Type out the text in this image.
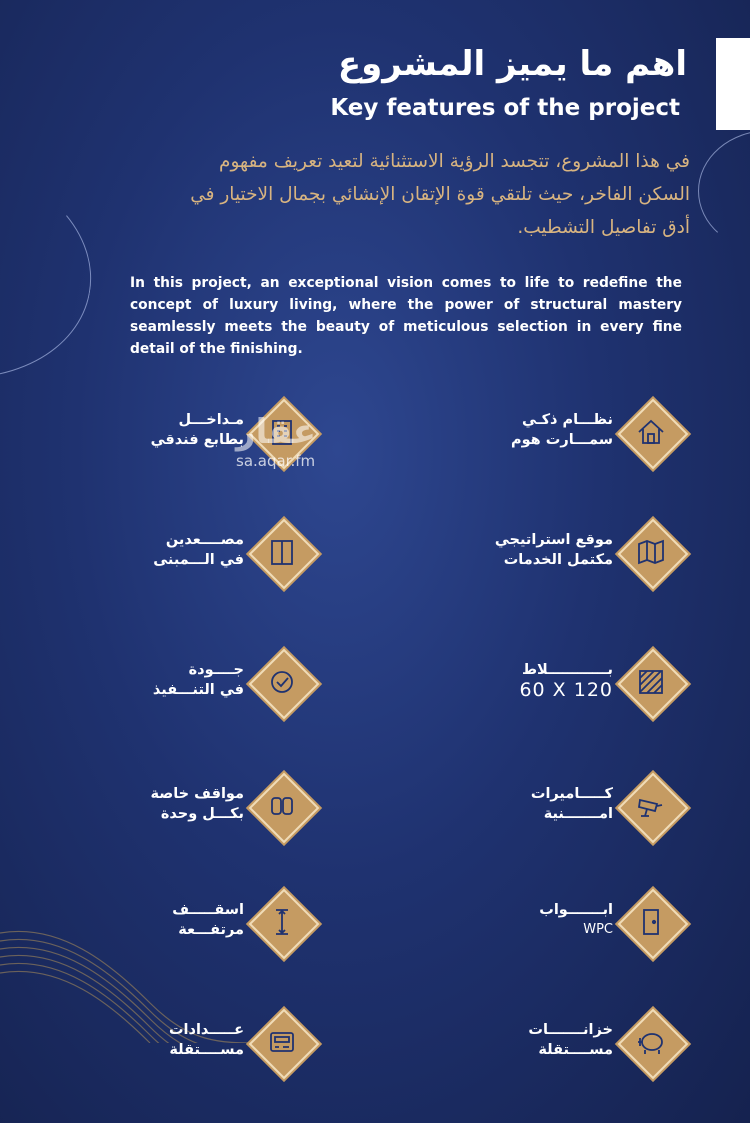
اهم ما يميز المشروع
Key features of the project
في هذا المشروع، تتجسد الرؤية الاستثنائية لتعيد تعريف مفهوم
السكن الفاخر، حيث تلتقي قوة الإتقان الإنشائي بجمال الاختيار في
أدق تفاصيل التشطيب.
In this project, an exceptional vision comes to life to redefine the concept of luxury living, where the power of structural mastery seamlessly meets the beauty of meticulous selection in every fine detail of the finishing.
نظـــام ذكـي
سمـــارت هوم
موقع استراتيجي
مكتمل الخدمات
بــــــــــــلاط
60 X 120
كـــــاميرات
امـــــــنية
ابـــــــواب
WPC
خزانـــــــات
مســــتقلة
مـداخـــل
بطابع فندقي
مصــــعدين
في الـــمبنى
جــــودة
في التنـــفيذ
مواقف خاصة
بكـــل وحدة
اسقـــــف
مرتفـــعة
عـــــدادات
مســــتقلة
عقار
sa.aqar.fm
